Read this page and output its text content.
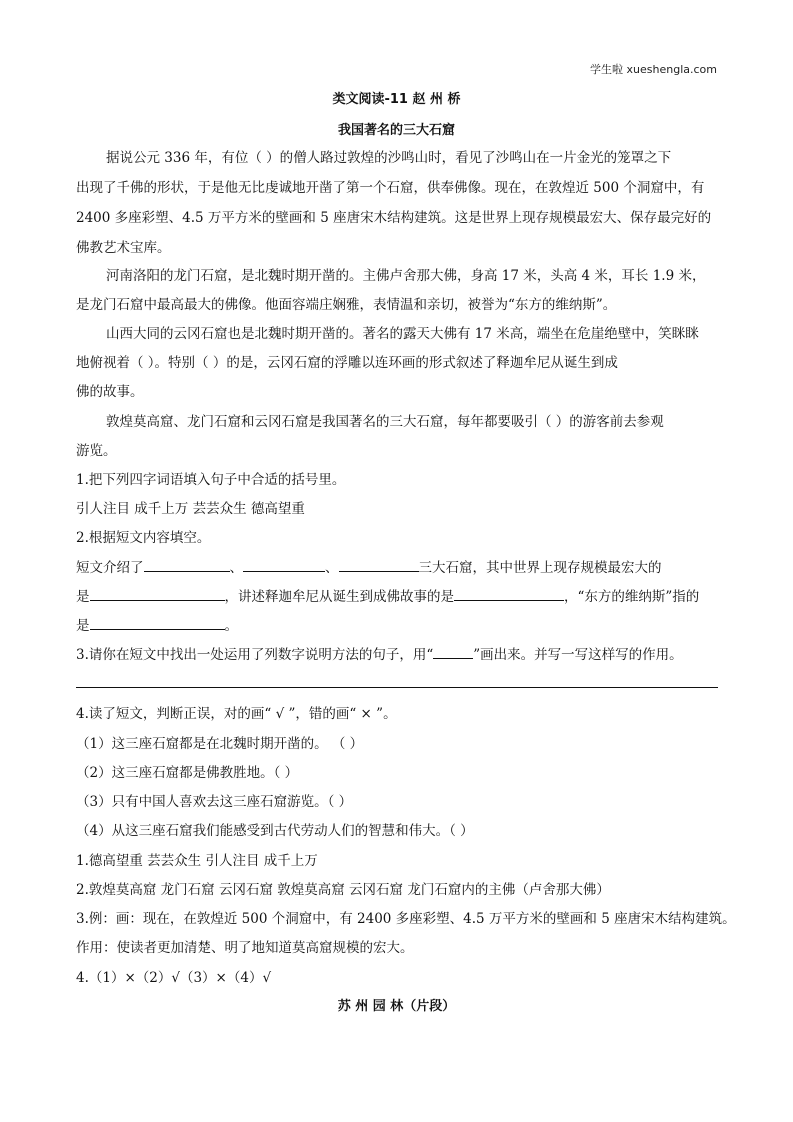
学生啦 xueshengla.com
类文阅读-11 赵 州 桥
我国著名的三大石窟
据说公元 336 年，有位（ ）的僧人路过敦煌的沙鸣山时，看见了沙鸣山在一片金光的笼罩之下
出现了千佛的形状，于是他无比虔诚地开凿了第一个石窟，供奉佛像。现在，在敦煌近 500 个洞窟中，有
2400 多座彩塑、4.5 万平方米的壁画和 5 座唐宋木结构建筑。这是世界上现存规模最宏大、保存最完好的
佛教艺术宝库。
河南洛阳的龙门石窟，是北魏时期开凿的。主佛卢舍那大佛，身高 17 米，头高 4 米，耳长 1.9 米，
是龙门石窟中最高最大的佛像。他面容端庄娴雅，表情温和亲切，被誉为“东方的维纳斯”。
山西大同的云冈石窟也是北魏时期开凿的。著名的露天大佛有 17 米高，端坐在危崖绝壁中，笑眯眯
地俯视着（ ）。特别（ ）的是，云冈石窟的浮雕以连环画的形式叙述了释迦牟尼从诞生到成
佛的故事。
敦煌莫高窟、龙门石窟和云冈石窟是我国著名的三大石窟，每年都要吸引（ ）的游客前去参观
游览。
1.把下列四字词语填入句子中合适的括号里。
引人注目 成千上万 芸芸众生 德高望重
2.根据短文内容填空。
短文介绍了	、	、	三大石窟，其中世界上现存规模最宏大的
是	，讲述释迦牟尼从诞生到成佛故事的是	，“东方的维纳斯”指的
是	。
3.请你在短文中找出一处运用了列数字说明方法的句子，用“	”画出来。并写一写这样写的作用。
4.读了短文，判断正误，对的画“ √ ”，错的画“ × ”。
（1）这三座石窟都是在北魏时期开凿的。 （ ）
（2）这三座石窟都是佛教胜地。（ ）
（3）只有中国人喜欢去这三座石窟游览。（ ）
（4）从这三座石窟我们能感受到古代劳动人们的智慧和伟大。（ ）
1.德高望重 芸芸众生 引人注目 成千上万
2.敦煌莫高窟 龙门石窟 云冈石窟 敦煌莫高窟 云冈石窟 龙门石窟内的主佛（卢舍那大佛）
3.例：画：现在，在敦煌近 500 个洞窟中，有 2400 多座彩塑、4.5 万平方米的壁画和 5 座唐宋木结构建筑。
作用：使读者更加清楚、明了地知道莫高窟规模的宏大。
4.（1）×（2）√（3）×（4）√
苏 州 园 林（片段）
